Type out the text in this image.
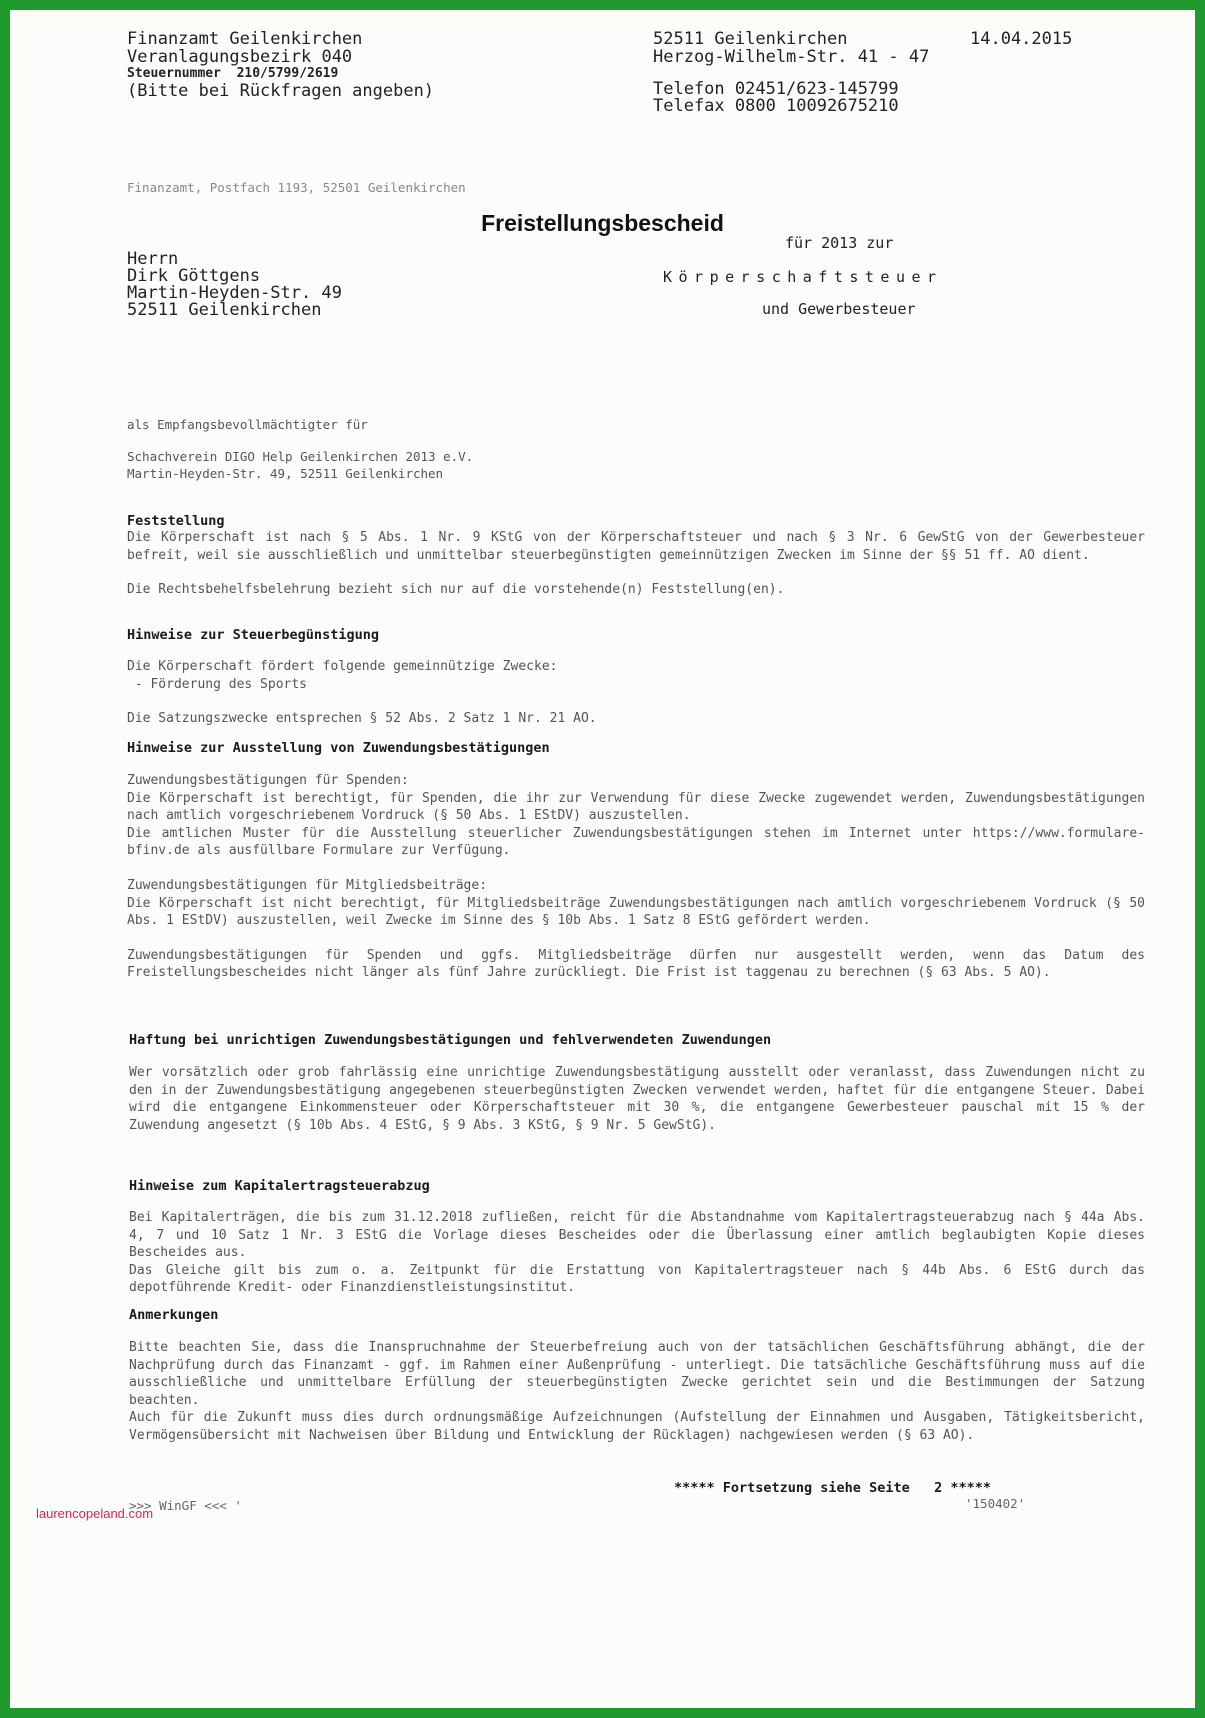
Finanzamt Geilenkirchen
Veranlagungsbezirk 040
Steuernummer 210/5799/2619
(Bitte bei Rückfragen angeben)
52511 Geilenkirchen
Herzog-Wilhelm-Str. 41 - 47
14.04.2015
Telefon 02451/623-145799
Telefax 0800 10092675210
Finanzamt, Postfach 1193, 52501 Geilenkirchen
Freistellungsbescheid
Herrn
Dirk Göttgens
Martin-Heyden-Str. 49
52511 Geilenkirchen
für 2013 zur
Körperschaftsteuer
und Gewerbesteuer
als Empfangsbevollmächtigter für
Schachverein DIGO Help Geilenkirchen 2013 e.V.
Martin-Heyden-Str. 49, 52511 Geilenkirchen
Feststellung

Die Körperschaft ist nach § 5 Abs. 1 Nr. 9 KStG von der Körperschaftsteuer und nach § 3 Nr. 6 GewStG von der Gewerbesteuer befreit, weil sie ausschließlich und unmittelbar steuerbegünstigten gemeinnützigen Zwecken im Sinne der §§ 51 ff. AO dient.

Die Rechtsbehelfsbelehrung bezieht sich nur auf die vorstehende(n) Feststellung(en).

Hinweise zur Steuerbegünstigung

Die Körperschaft fördert folgende gemeinnützige Zwecke:

- Förderung des Sports

Die Satzungszwecke entsprechen § 52 Abs. 2 Satz 1 Nr. 21 AO.

Hinweise zur Ausstellung von Zuwendungsbestätigungen

Zuwendungsbestätigungen für Spenden:

Die Körperschaft ist berechtigt, für Spenden, die ihr zur Verwendung für diese Zwecke zugewendet werden, Zuwendungsbestätigungen nach amtlich vorgeschriebenem Vordruck (§ 50 Abs. 1 EStDV) auszustellen.

Die amtlichen Muster für die Ausstellung steuerlicher Zuwendungsbestätigungen stehen im Internet unter https://www.formulare-bfinv.de als ausfüllbare Formulare zur Verfügung.

Zuwendungsbestätigungen für Mitgliedsbeiträge:

Die Körperschaft ist nicht berechtigt, für Mitgliedsbeiträge Zuwendungsbestätigungen nach amtlich vorgeschriebenem Vordruck (§ 50 Abs. 1 EStDV) auszustellen, weil Zwecke im Sinne des § 10b Abs. 1 Satz 8 EStG gefördert werden.

Zuwendungsbestätigungen für Spenden und ggfs. Mitgliedsbeiträge dürfen nur ausgestellt werden, wenn das Datum des Freistellungsbescheides nicht länger als fünf Jahre zurückliegt. Die Frist ist taggenau zu berechnen (§ 63 Abs. 5 AO).

Haftung bei unrichtigen Zuwendungsbestätigungen und fehlverwendeten Zuwendungen

Wer vorsätzlich oder grob fahrlässig eine unrichtige Zuwendungsbestätigung ausstellt oder veranlasst, dass Zuwendungen nicht zu den in der Zuwendungsbestätigung angegebenen steuerbegünstigten Zwecken verwendet werden, haftet für die entgangene Steuer. Dabei wird die entgangene Einkommensteuer oder Körperschaftsteuer mit 30 %, die entgangene Gewerbesteuer pauschal mit 15 % der Zuwendung angesetzt (§ 10b Abs. 4 EStG, § 9 Abs. 3 KStG, § 9 Nr. 5 GewStG).

Hinweise zum Kapitalertragsteuerabzug

Bei Kapitalerträgen, die bis zum 31.12.2018 zufließen, reicht für die Abstandnahme vom Kapitalertragsteuerabzug nach § 44a Abs. 4, 7 und 10 Satz 1 Nr. 3 EStG die Vorlage dieses Bescheides oder die Überlassung einer amtlich beglaubigten Kopie dieses Bescheides aus.

Das Gleiche gilt bis zum o. a. Zeitpunkt für die Erstattung von Kapitalertragsteuer nach § 44b Abs. 6 EStG durch das depotführende Kredit- oder Finanzdienstleistungsinstitut.

Anmerkungen

Bitte beachten Sie, dass die Inanspruchnahme der Steuerbefreiung auch von der tatsächlichen Geschäftsführung abhängt, die der Nachprüfung durch das Finanzamt - ggf. im Rahmen einer Außenprüfung - unterliegt. Die tatsächliche Geschäftsführung muss auf die ausschließliche und unmittelbare Erfüllung der steuerbegünstigten Zwecke gerichtet sein und die Bestimmungen der Satzung beachten.

Auch für die Zukunft muss dies durch ordnungsmäßige Aufzeichnungen (Aufstellung der Einnahmen und Ausgaben, Tätigkeitsbericht, Vermögensübersicht mit Nachweisen über Bildung und Entwicklung der Rücklagen) nachgewiesen werden (§ 63 AO).

***** Fortsetzung siehe Seite   2 *****
>>> WinGF <<< '	'150402'
laurencopeland.com
